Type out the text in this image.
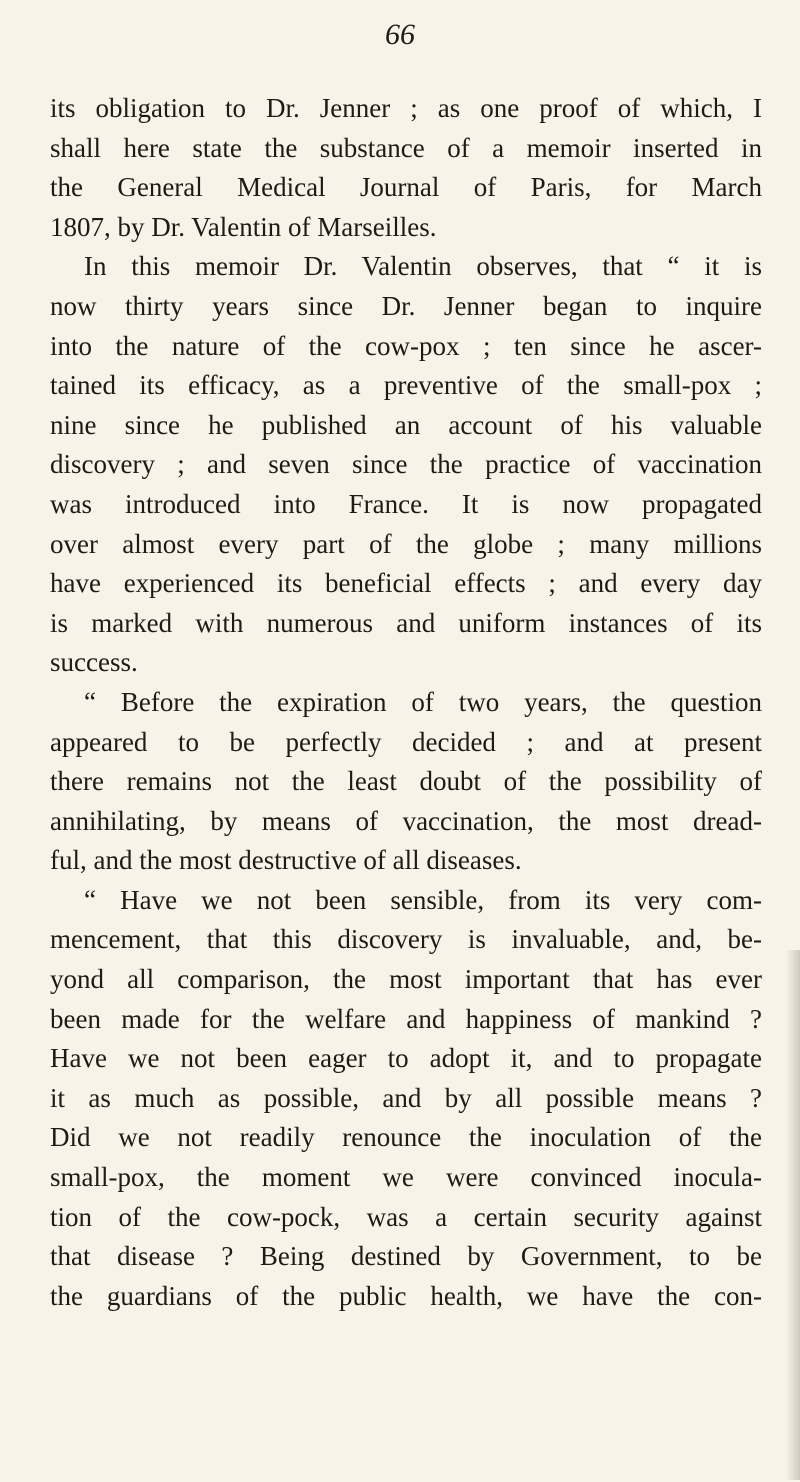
66
its obligation to Dr. Jenner ; as one proof of which, I
shall here state the substance of a memoir inserted in
the General Medical Journal of Paris, for March
1807, by Dr. Valentin of Marseilles.
In this memoir Dr. Valentin observes, that “ it is
now thirty years since Dr. Jenner began to inquire
into the nature of the cow-pox ; ten since he ascer-
tained its efficacy, as a preventive of the small-pox ;
nine since he published an account of his valuable
discovery ; and seven since the practice of vaccination
was introduced into France. It is now propagated
over almost every part of the globe ; many millions
have experienced its beneficial effects ; and every day
is marked with numerous and uniform instances of its
success.
“ Before the expiration of two years, the question
appeared to be perfectly decided ; and at present
there remains not the least doubt of the possibility of
annihilating, by means of vaccination, the most dread-
ful, and the most destructive of all diseases.
“ Have we not been sensible, from its very com-
mencement, that this discovery is invaluable, and, be-
yond all comparison, the most important that has ever
been made for the welfare and happiness of mankind ?
Have we not been eager to adopt it, and to propagate
it as much as possible, and by all possible means ?
Did we not readily renounce the inoculation of the
small-pox, the moment we were convinced inocula-
tion of the cow-pock, was a certain security against
that disease ? Being destined by Government, to be
the guardians of the public health, we have the con-
